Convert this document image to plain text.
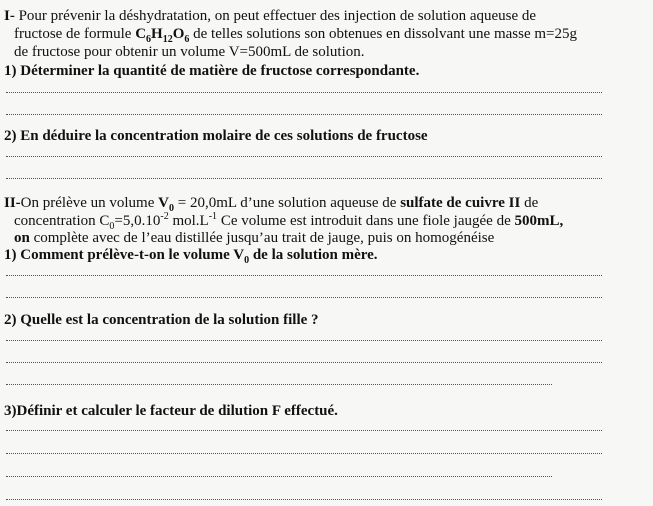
I- Pour prévenir la déshydratation, on peut effectuer des injection de solution aqueuse de
fructose de formule $C_6H_{12}O_6$ de telles solutions son obtenues en dissolvant une masse m=25g
de fructose pour obtenir un volume V=500mL de solution.
1) Déterminer la quantité de matière de fructose correspondante.
2) En déduire la concentration molaire de ces solutions de fructose
II-On prélève un volume $V_0 = 20,0mL$ d’une solution aqueuse de sulfate de cuivre II de
concentration $C_0=5,0.10^{-2}$ $mol.L^{-1}$ Ce volume est introduit dans une fiole jaugée de 500mL,
on complète avec de l’eau distillée jusqu’au trait de jauge, puis on homogénéise
1) Comment prélève-t-on le volume $V_0$ de la solution mère.
2) Quelle est la concentration de la solution fille ?
3)Définir et calculer le facteur de dilution F effectué.
